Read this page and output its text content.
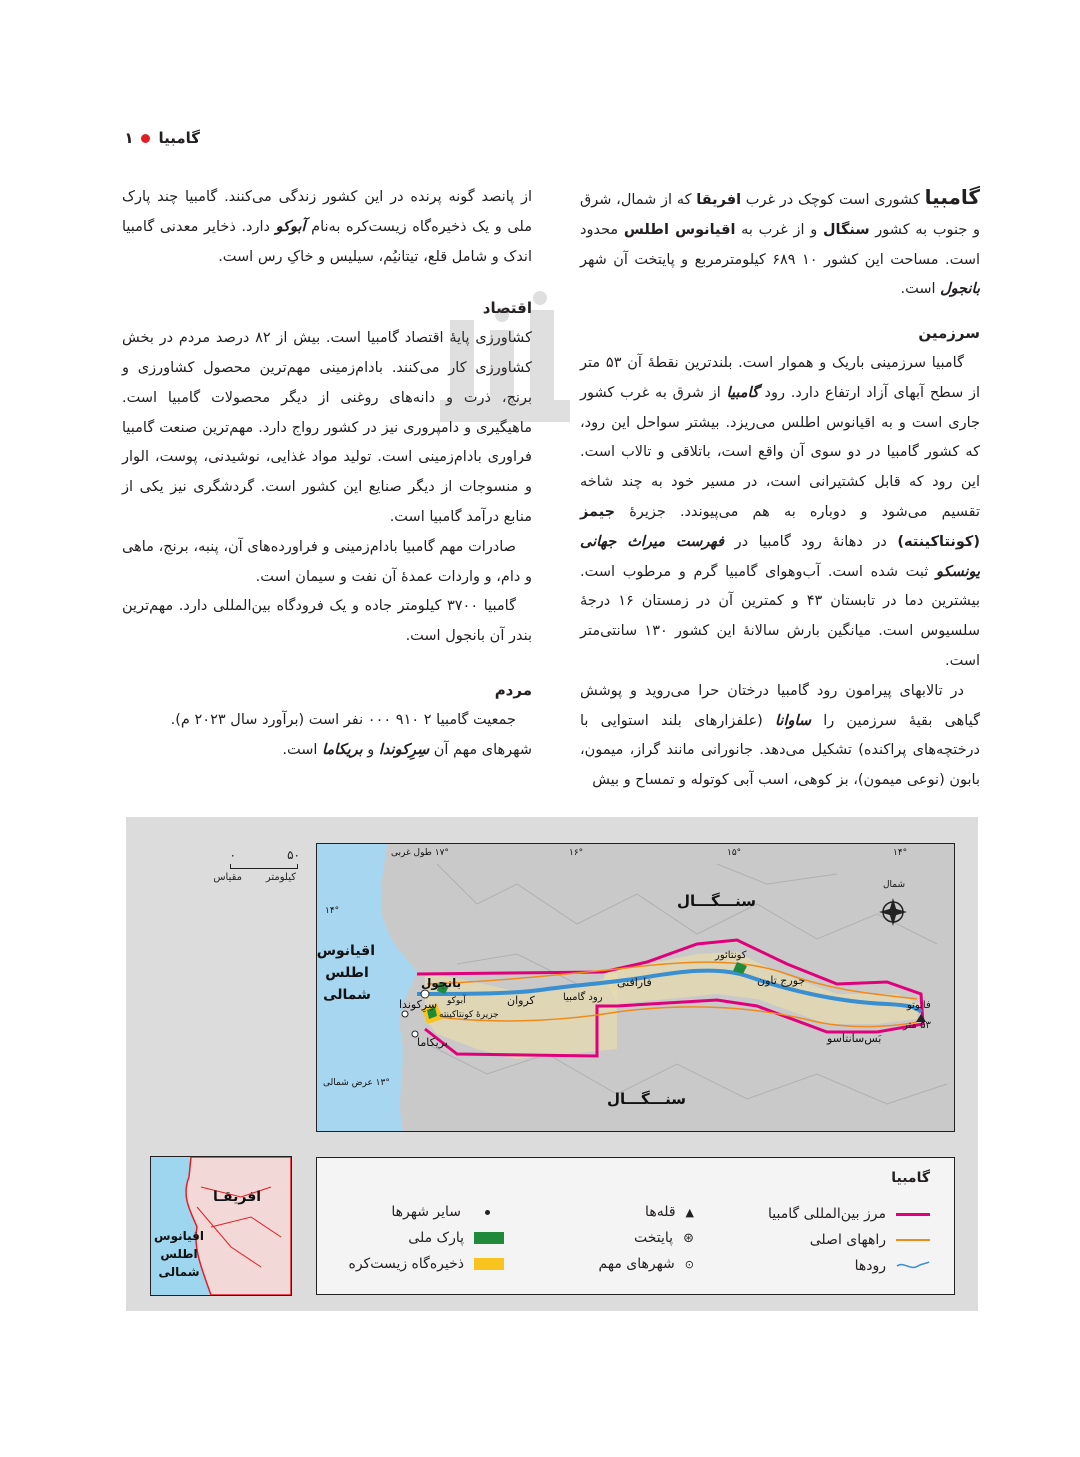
گامبیا
۱

گامبیا کشوری است کوچک در غرب افریقا که از شمال، شرق و جنوب به کشور سنگال و از غرب به اقیانوس اطلس محدود است. مساحت این کشور ۱۰ ۶۸۹ کیلومترمربع و پایتخت آن شهر بانجول است.

سرزمین

گامبیا سرزمینی باریک و هموار است. بلندترین نقطهٔ آن ۵۳ متر از سطح آبهای آزاد ارتفاع دارد. رود گامبیا از شرق به غرب کشور جاری است و به اقیانوس اطلس می‌ریزد. بیشتر سواحل این رود، که کشور گامبیا در دو سوی آن واقع است، باتلاقی و تالاب است. این رود که قابل کشتیرانی است، در مسیر خود به چند شاخه تقسیم می‌شود و دوباره به هم می‌پیوندد. جزیرهٔ جیمز (کونتاکینته) در دهانهٔ رود گامبیا در فهرست میراث جهانی یونسکو ثبت شده است. آب‌وهوای گامبیا گرم و مرطوب است. بیشترین دما در تابستان ۴۳ و کمترین آن در زمستان ۱۶ درجهٔ سلسیوس است. میانگین بارش سالانهٔ این کشور ۱۳۰ سانتی‌متر است.

در تالابهای پیرامون رود گامبیا درختان حرا می‌روید و پوشش گیاهی بقیهٔ سرزمین را ساوانا (علفزارهای بلند استوایی با درختچه‌های پراکنده) تشکیل می‌دهد. جانورانی مانند گراز، میمون، بابون (نوعی میمون)، بز کوهی، اسب آبی کوتوله و تمساح و بیش

از پانصد گونه پرنده در این کشور زندگی می‌کنند. گامبیا چند پارک ملی و یک ذخیره‌گاه زیست‌کره به‌نام آبوکو دارد. ذخایر معدنی گامبیا اندک و شامل قلع، تیتانیُم، سیلیس و خاکِ رس است.

اقتصاد

کشاورزی پایهٔ اقتصاد گامبیا است. بیش از ۸۲ درصد مردم در بخش کشاورزی کار می‌کنند. بادام‌زمینی مهم‌ترین محصول کشاورزی و برنج، ذرت و دانه‌های روغنی از دیگر محصولات گامبیا است. ماهیگیری و دامپروری نیز در کشور رواج دارد. مهم‌ترین صنعت گامبیا فراوری بادام‌زمینی است. تولید مواد غذایی، نوشیدنی، پوست، الوار و منسوجات از دیگر صنایع این کشور است. گردشگری نیز یکی از منابع درآمد گامبیا است.

صادرات مهم گامبیا بادام‌زمینی و فراورده‌های آن، پنبه، برنج، ماهی و دام، و واردات عمدهٔ آن نفت و سیمان است.

گامبیا ۳۷۰۰ کیلومتر جاده و یک فرودگاه بین‌المللی دارد. مهم‌ترین بندر آن بانجول است.

مردم

جمعیت گامبیا ۲ ۹۱۰ ۰۰۰ نفر است (برآورد سال ۲۰۲۳ م).

شهرهای مهم آن سِرِکوندا و بریکاما است.

۵۰
۰
کیلومتر
مقیاس
سنـــگـــال
سنـــگـــال
اقیانوس اطلس شمالی
شمال
۱۷° طول غربی	۱۶°	۱۵°	۱۴°
۱۴°
۱۳° عرض شمالی
بانجول
سِرِکوندا
بریکاما
جزیرهٔ کونتاکینته
آبوکو	کروان	رود گامبیا
فارافنی
کونتائور
جورج تاون
بَس‌سانتاسو
فاتوتو
۵۳ متر
افریقـا
اقیانوس اطلس شمالی
گامبیا
مرز بین‌المللی گامبیا
راههای اصلی
رودها
▲
قله‌ها
⊛
پایتخت
⊙
شهرهای مهم
سایر شهرها
پارک ملی
ذخیره‌گاه زیست‌کره
